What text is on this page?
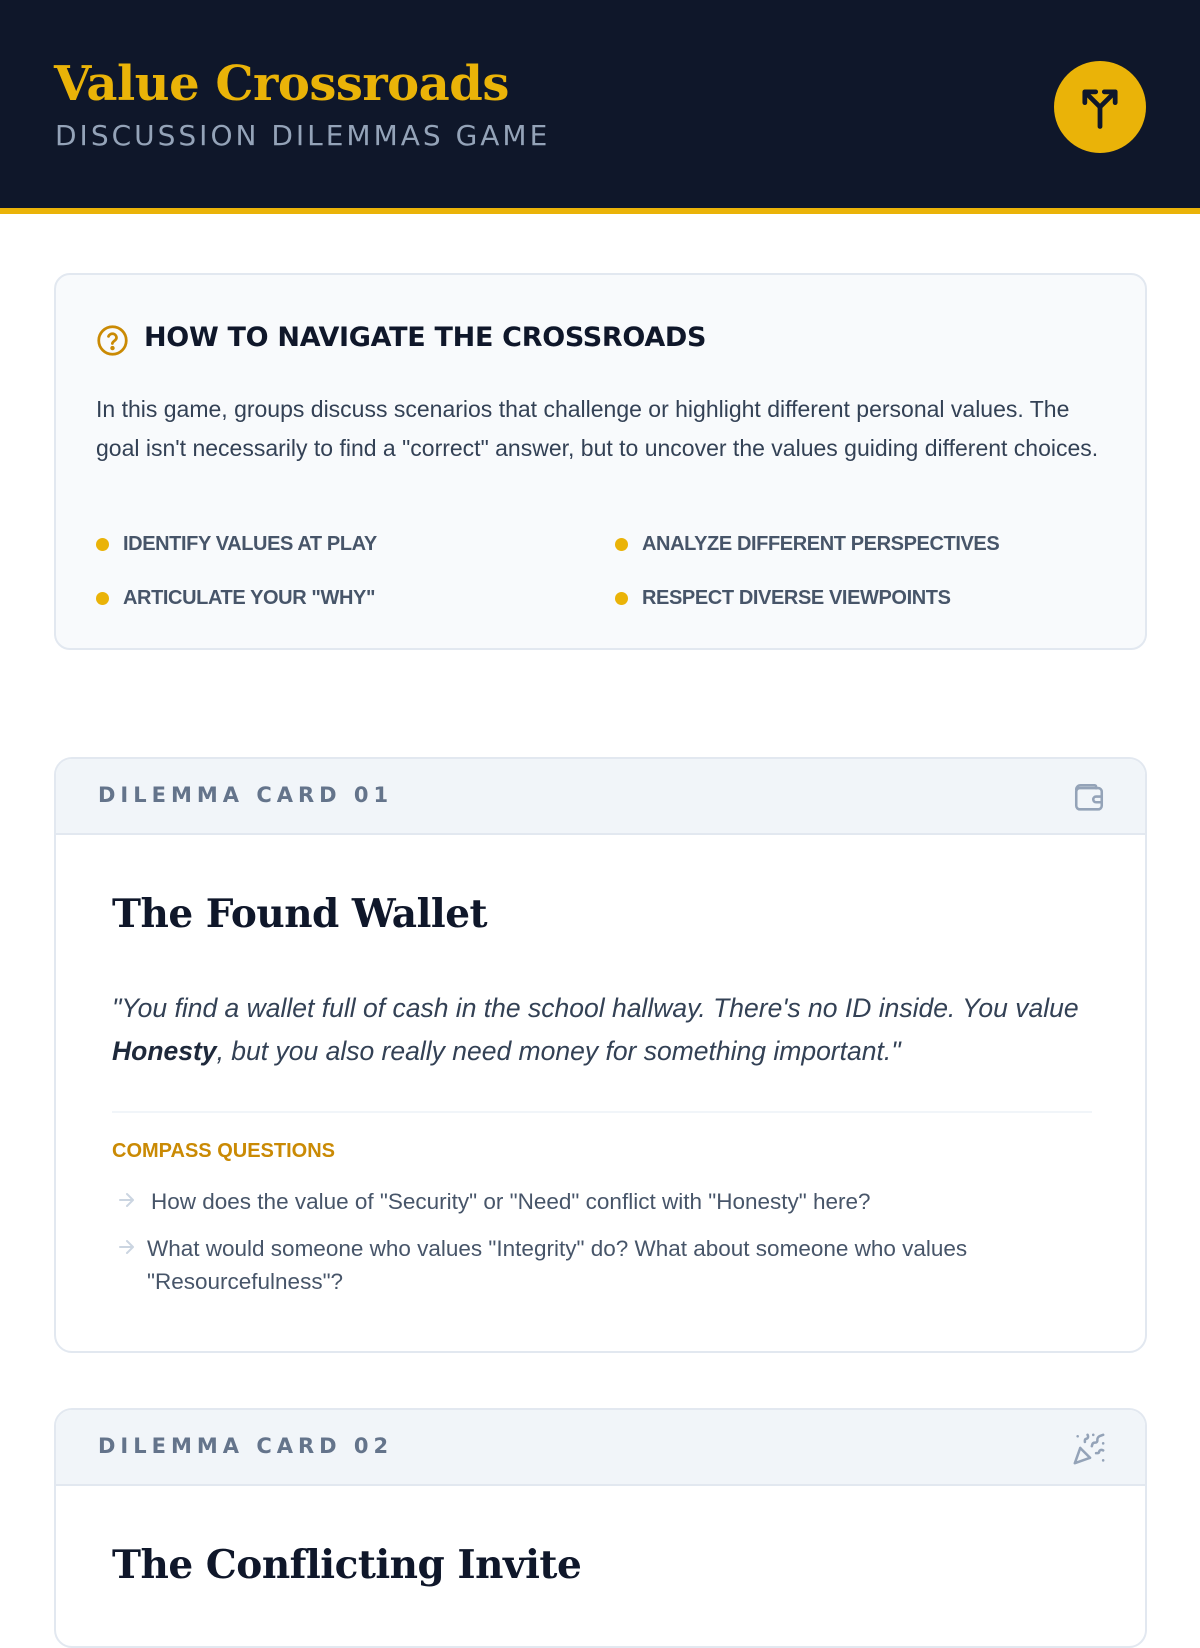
Value Crossroads
DISCUSSION DILEMMAS GAME
HOW TO NAVIGATE THE CROSSROADS

In this game, groups discuss scenarios that challenge or highlight different personal values. The goal isn't necessarily to find a "correct" answer, but to uncover the values guiding different choices.

IDENTIFY VALUES AT PLAY	ANALYZE DIFFERENT PERSPECTIVES
ARTICULATE YOUR "WHY"	RESPECT DIVERSE VIEWPOINTS
DILEMMA CARD 01
The Found Wallet

"You find a wallet full of cash in the school hallway. There's no ID inside. You value Honesty, but you also really need money for something important."

COMPASS QUESTIONS
How does the value of "Security" or "Need" conflict with "Honesty" here?
What would someone who values "Integrity" do? What about someone who values "Resourcefulness"?
DILEMMA CARD 02
The Conflicting Invite
